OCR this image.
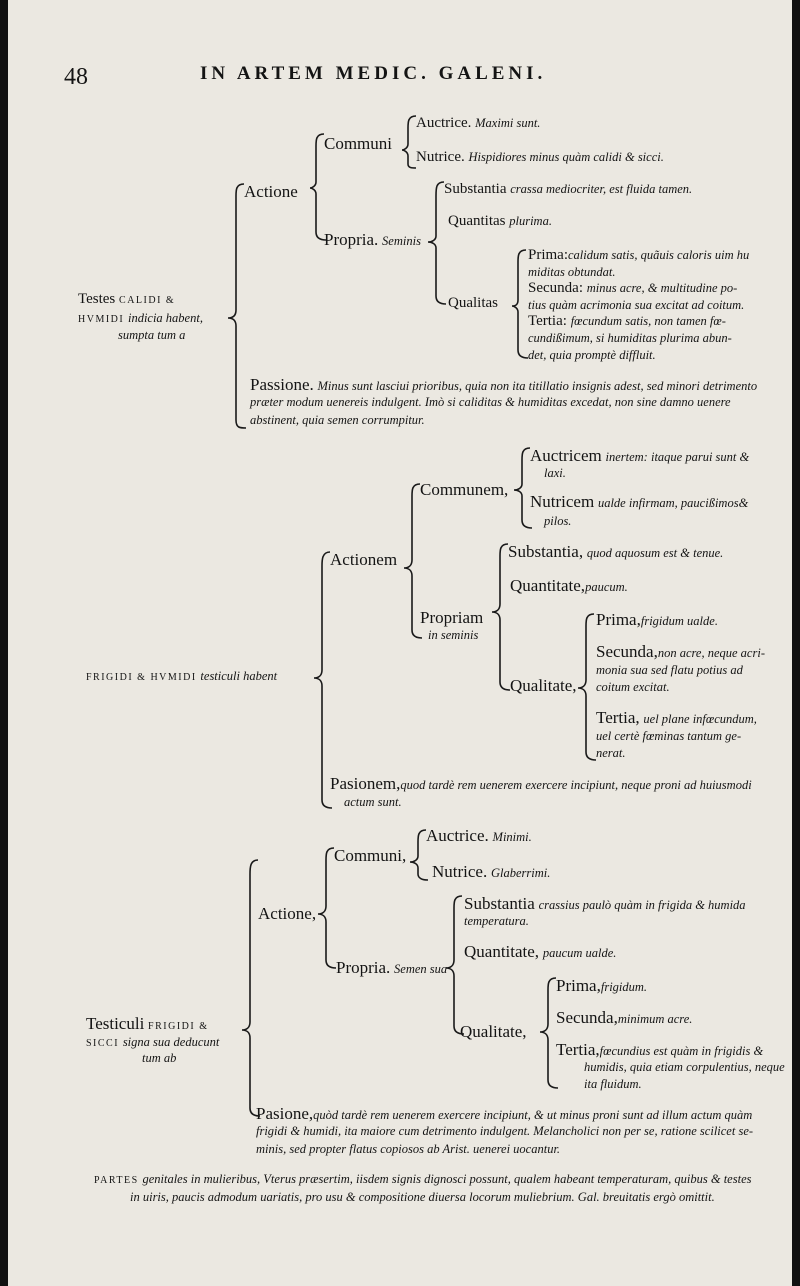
48	IN ARTEM MEDIC. GALENI.
Testes CALIDI &
HVMIDI indicia habent,
sumpta tum a
Actione
Communi
Auctrice. Maximi sunt.
Nutrice. Hispidiores minus quàm calidi & sicci.
Propria. Seminis
Substantia crassa mediocriter, est fluida tamen.
Quantitas plurima.
Qualitas
Prima:calidum satis, quãuis caloris uim hu
miditas obtundat.
Secunda: minus acre, & multitudine po-
tius quàm acrimonia sua excitat ad coitum.
Tertia: fœcundum satis, non tamen fœ-
cundißimum, si humiditas plurima abun-
det, quia promptè diffluit.
Passione. Minus sunt lasciui prioribus, quia non ita titillatio insignis adest, sed minori detrimento
præter modum uenereis indulgent. Imò si caliditas & humiditas excedat, non sine damno uenere
abstinent, quia semen corrumpitur.
FRIGIDI & HVMIDI testiculi habent
Actionem
Communem,
Auctricem inertem: itaque parui sunt &
laxi.
Nutricem ualde infirmam, paucißimos&
pilos.
Propriam
in seminis
Substantia, quod aquosum est & tenue.
Quantitate,paucum.
Qualitate,
Prima,frigidum ualde.
Secunda,non acre, neque acri-
monia sua sed flatu potius ad
coitum excitat.
Tertia, uel plane infœcundum,
uel certè fœminas tantum ge-
nerat.
Pasionem,quod tardè rem uenerem exercere incipiunt, neque proni ad huiusmodi
actum sunt.
Testiculi FRIGIDI &
SICCI signa sua deducunt
tum ab
Actione,
Communi,
Auctrice. Minimi.
Nutrice. Glaberrimi.
Propria. Semen sua
Substantia crassius paulò quàm in frigida & humida
temperatura.
Quantitate, paucum ualde.
Qualitate,
Prima,frigidum.
Secunda,minimum acre.
Tertia,fœcundius est quàm in frigidis &
humidis, quia etiam corpulentius, neque
ita fluidum.
Pasione,quòd tardè rem uenerem exercere incipiunt, & ut minus proni sunt ad illum actum quàm
frigidi & humidi, ita maiore cum detrimento indulgent. Melancholici non per se, ratione scilicet se-
minis, sed propter flatus copiosos ab Arist. uenerei uocantur.
PARTES genitales in mulieribus, Vterus præsertim, iisdem signis dignosci possunt, qualem habeant temperaturam, quibus & testes
in uiris, paucis admodum uariatis, pro usu & compositione diuersa locorum muliebrium. Gal. breuitatis ergò omittit.
